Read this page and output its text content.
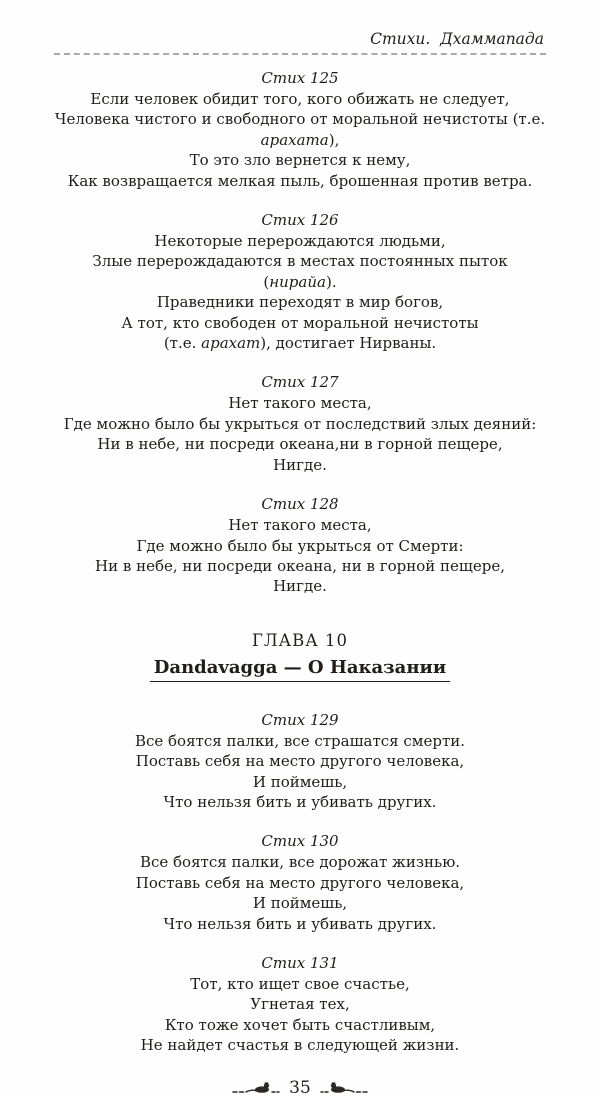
Стихи.  Дхаммапада
Стих 125
Если человек обидит того, кого обижать не следует,
Человека чистого и свободного от моральной нечистоты (т.е. арахата),
То это зло вернется к нему,
Как возвращается мелкая пыль, брошенная против ветра.
Стих 126
Некоторые перерождаются людьми,
Злые перерождадаются в местах постоянных пыток (нирайа).
Праведники переходят в мир богов,
А тот, кто свободен от моральной нечистоты
(т.е. арахат), достигает Нирваны.
Стих 127
Нет такого места,
Где можно было бы укрыться от последствий злых деяний:
Ни в небе, ни посреди океана,ни в горной пещере,
Нигде.
Стих 128
Нет такого места,
Где можно было бы укрыться от Смерти:
Ни в небе, ни посреди океана, ни в горной пещере,
Нигде.
ГЛАВА 10
Dandavagga — О Наказании
Стих 129
Все боятся палки, все страшатся смерти.
Поставь себя на место другого человека,
И поймешь,
Что нельзя бить и убивать других.
Стих 130
Все боятся палки, все дорожат жизнью.
Поставь себя на место другого человека,
И поймешь,
Что нельзя бить и убивать других.
Стих 131
Тот, кто ищет свое счастье,
Угнетая тех,
Кто тоже хочет быть счастливым,
Не найдет счастья в следующей жизни.
35
